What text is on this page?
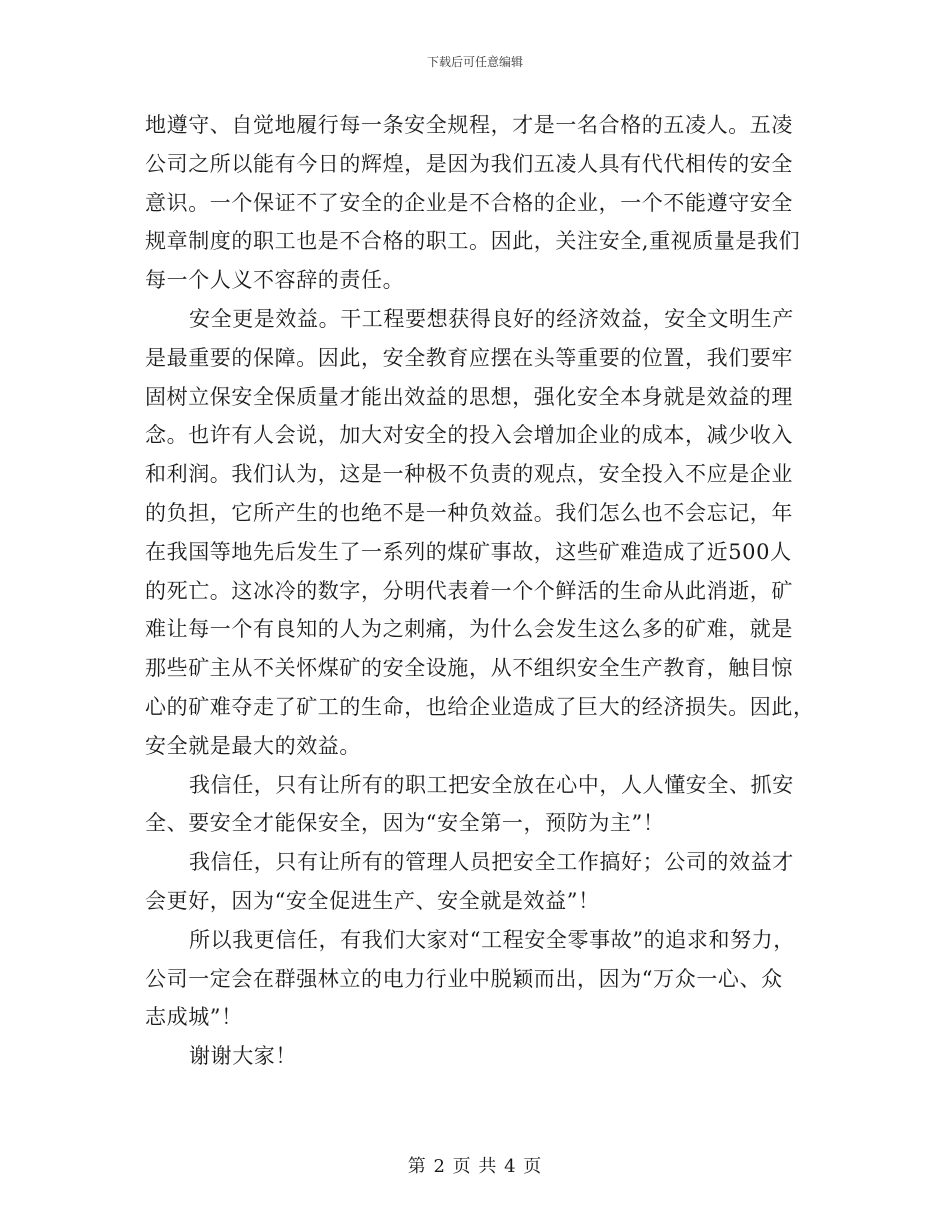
下载后可任意编辑
地遵守、自觉地履行每一条安全规程，才是一名合格的五凌人。五凌
公司之所以能有今日的辉煌，是因为我们五凌人具有代代相传的安全
意识。一个保证不了安全的企业是不合格的企业，一个不能遵守安全
规章制度的职工也是不合格的职工。因此，关注安全,重视质量是我们
每一个人义不容辞的责任。
安全更是效益。干工程要想获得良好的经济效益，安全文明生产
是最重要的保障。因此，安全教育应摆在头等重要的位置，我们要牢
固树立保安全保质量才能出效益的思想，强化安全本身就是效益的理
念。也许有人会说，加大对安全的投入会增加企业的成本，减少收入
和利润。我们认为，这是一种极不负责的观点，安全投入不应是企业
的负担，它所产生的也绝不是一种负效益。我们怎么也不会忘记，年
在我国等地先后发生了一系列的煤矿事故，这些矿难造成了近500人
的死亡。这冰冷的数字，分明代表着一个个鲜活的生命从此消逝，矿
难让每一个有良知的人为之刺痛，为什么会发生这么多的矿难，就是
那些矿主从不关怀煤矿的安全设施，从不组织安全生产教育，触目惊
心的矿难夺走了矿工的生命，也给企业造成了巨大的经济损失。因此，
安全就是最大的效益。
我信任，只有让所有的职工把安全放在心中，人人懂安全、抓安
全、要安全才能保安全，因为“安全第一，预防为主”！
我信任，只有让所有的管理人员把安全工作搞好；公司的效益才
会更好，因为“安全促进生产、安全就是效益”！
所以我更信任，有我们大家对“工程安全零事故”的追求和努力，
公司一定会在群强林立的电力行业中脱颖而出，因为“万众一心、众
志成城”！
谢谢大家！
第 2 页 共 4 页
